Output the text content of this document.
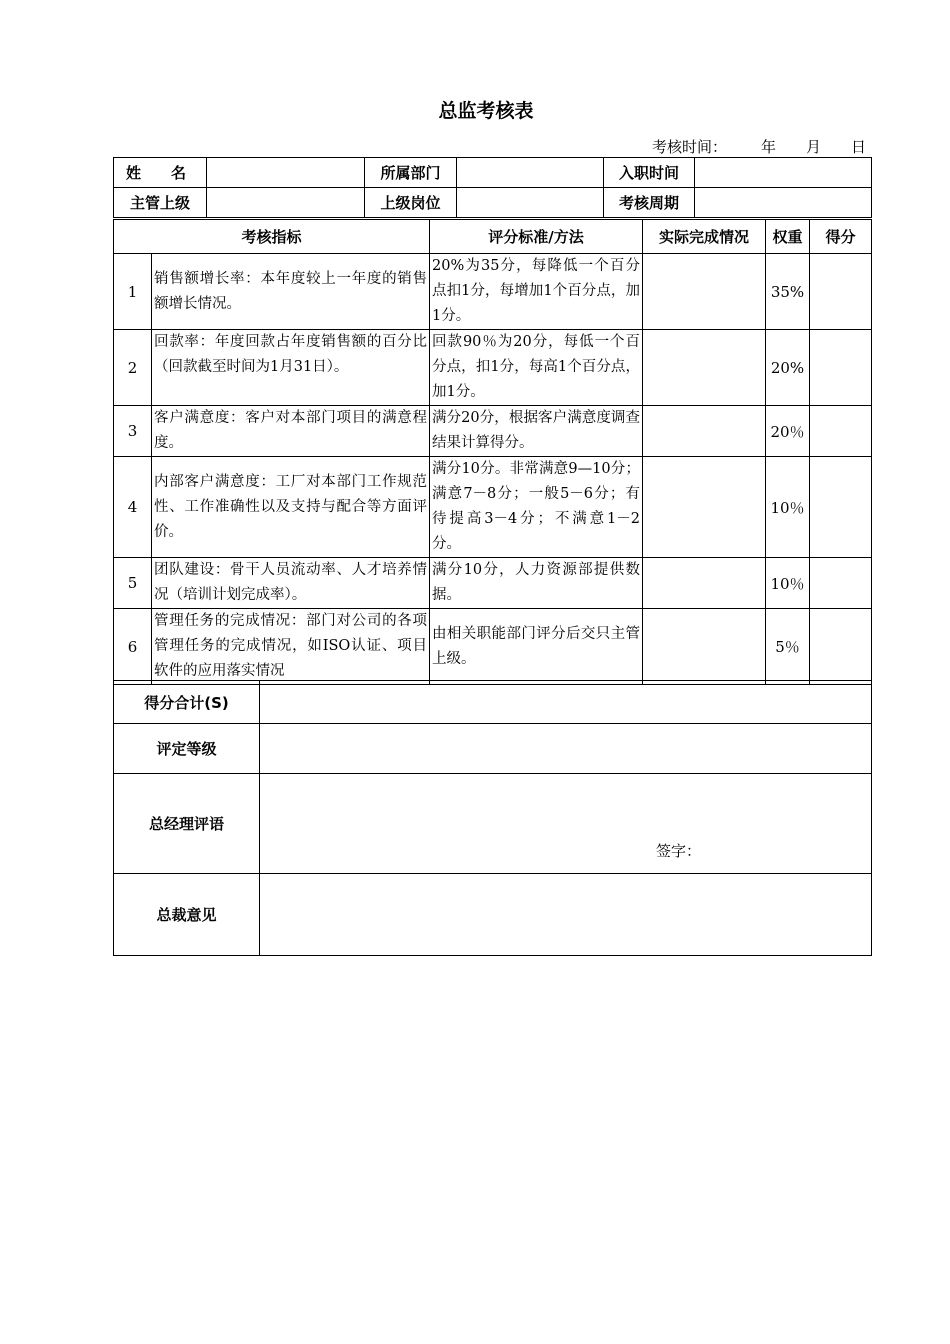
总监考核表
考核时间： 年 月 日
姓　　名		所属部门		入职时间	
主管上级		上级岗位		考核周期	
考核指标		评分标准/方法	实际完成情况	权重	得分
1	销售额增长率：本年度较上一年度的销售额增长情况。	20%为35分，每降低一个百分点扣1分，每增加1个百分点，加1分。		35%	
2	回款率：年度回款占年度销售额的百分比（回款截至时间为1月31日）。	回款90％为20分，每低一个百分点，扣1分，每高1个百分点，加1分。		20%	
3	客户满意度：客户对本部门项目的满意程度。	满分20分，根据客户满意度调查结果计算得分。		20％	
4	内部客户满意度：工厂对本部门工作规范性、工作准确性以及支持与配合等方面评价。	满分10分。非常满意9—10分；满意7－8分；一般5－6分；有待提高3－4分；不满意1－2分。		10％	
5	团队建设：骨干人员流动率、人才培养情况（培训计划完成率）。	满分10分，人力资源部提供数据。		10％	
6	管理任务的完成情况：部门对公司的各项管理任务的完成情况，如ISO认证、项目软件的应用落实情况	由相关职能部门评分后交只主管上级。		5％	
得分合计(S)	
评定等级	
总经理评语	
总裁意见	
签字：
